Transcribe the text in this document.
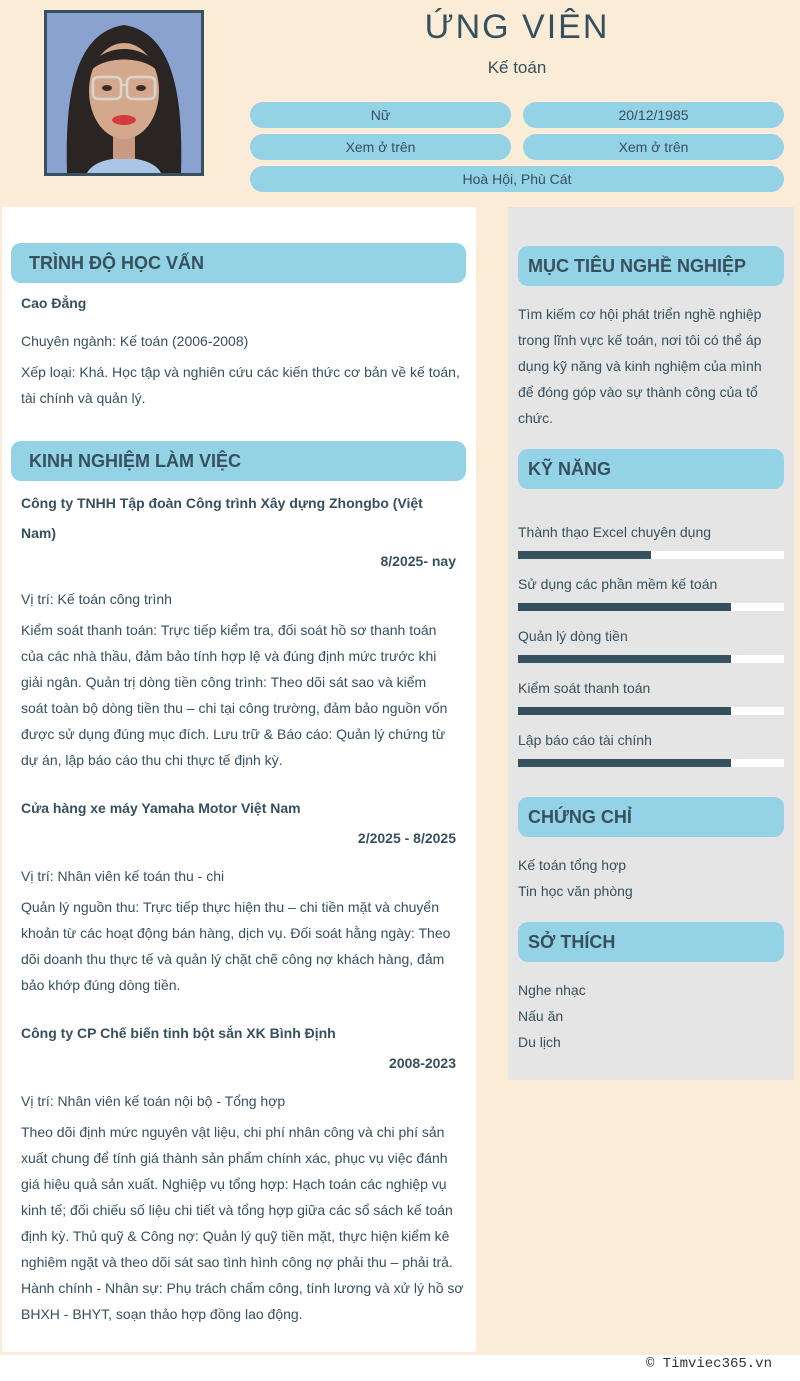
ỨNG VIÊN
Kế toán
Nữ	20/12/1985
Xem ở trên	Xem ở trên
Hoà Hội, Phù Cát
TRÌNH ĐỘ HỌC VẤN
Cao Đẳng
Chuyên ngành: Kế toán (2006-2008)
Xếp loại: Khá. Học tập và nghiên cứu các kiến thức cơ bản về kế toán,
tài chính và quản lý.
KINH NGHIỆM LÀM VIỆC
Công ty TNHH Tập đoàn Công trình Xây dựng Zhongbo (Việt
Nam)
8/2025- nay
Vị trí: Kế toán công trình
Kiểm soát thanh toán: Trực tiếp kiểm tra, đối soát hồ sơ thanh toán
của các nhà thầu, đảm bảo tính hợp lệ và đúng định mức trước khi
giải ngân. Quản trị dòng tiền công trình: Theo dõi sát sao và kiểm
soát toàn bộ dòng tiền thu – chi tại công trường, đảm bảo nguồn vốn
được sử dụng đúng mục đích. Lưu trữ & Báo cáo: Quản lý chứng từ
dự án, lập báo cáo thu chi thực tế định kỳ.
Cửa hàng xe máy Yamaha Motor Việt Nam
2/2025 - 8/2025
Vị trí: Nhân viên kế toán thu - chi
Quản lý nguồn thu: Trực tiếp thực hiện thu – chi tiền mặt và chuyển
khoản từ các hoạt động bán hàng, dịch vụ. Đối soát hằng ngày: Theo
dõi doanh thu thực tế và quản lý chặt chẽ công nợ khách hàng, đảm
bảo khớp đúng dòng tiền.
Công ty CP Chế biến tinh bột sắn XK Bình Định
2008-2023
Vị trí: Nhân viên kế toán nội bộ - Tổng hợp
Theo dõi định mức nguyên vật liệu, chi phí nhân công và chi phí sản
xuất chung để tính giá thành sản phẩm chính xác, phục vụ việc đánh
giá hiệu quả sản xuất. Nghiệp vụ tổng hợp: Hạch toán các nghiệp vụ
kinh tế; đối chiếu số liệu chi tiết và tổng hợp giữa các sổ sách kế toán
định kỳ. Thủ quỹ & Công nợ: Quản lý quỹ tiền mặt, thực hiện kiểm kê
nghiêm ngặt và theo dõi sát sao tình hình công nợ phải thu – phải trả.
Hành chính - Nhân sự: Phụ trách chấm công, tính lương và xử lý hồ sơ
BHXH - BHYT, soạn thảo hợp đồng lao động.
MỤC TIÊU NGHỀ NGHIỆP
Tìm kiếm cơ hội phát triển nghề nghiệp
trong lĩnh vực kế toán, nơi tôi có thể áp
dụng kỹ năng và kinh nghiệm của mình
để đóng góp vào sự thành công của tổ
chức.
KỸ NĂNG
Thành thạo Excel chuyên dụng
Sử dụng các phần mềm kế toán
Quản lý dòng tiền
Kiểm soát thanh toán
Lập báo cáo tài chính
CHỨNG CHỈ
Kế toán tổng hợp
Tin học văn phòng
SỞ THÍCH
Nghe nhạc
Nấu ăn
Du lịch
© Timviec365.vn
